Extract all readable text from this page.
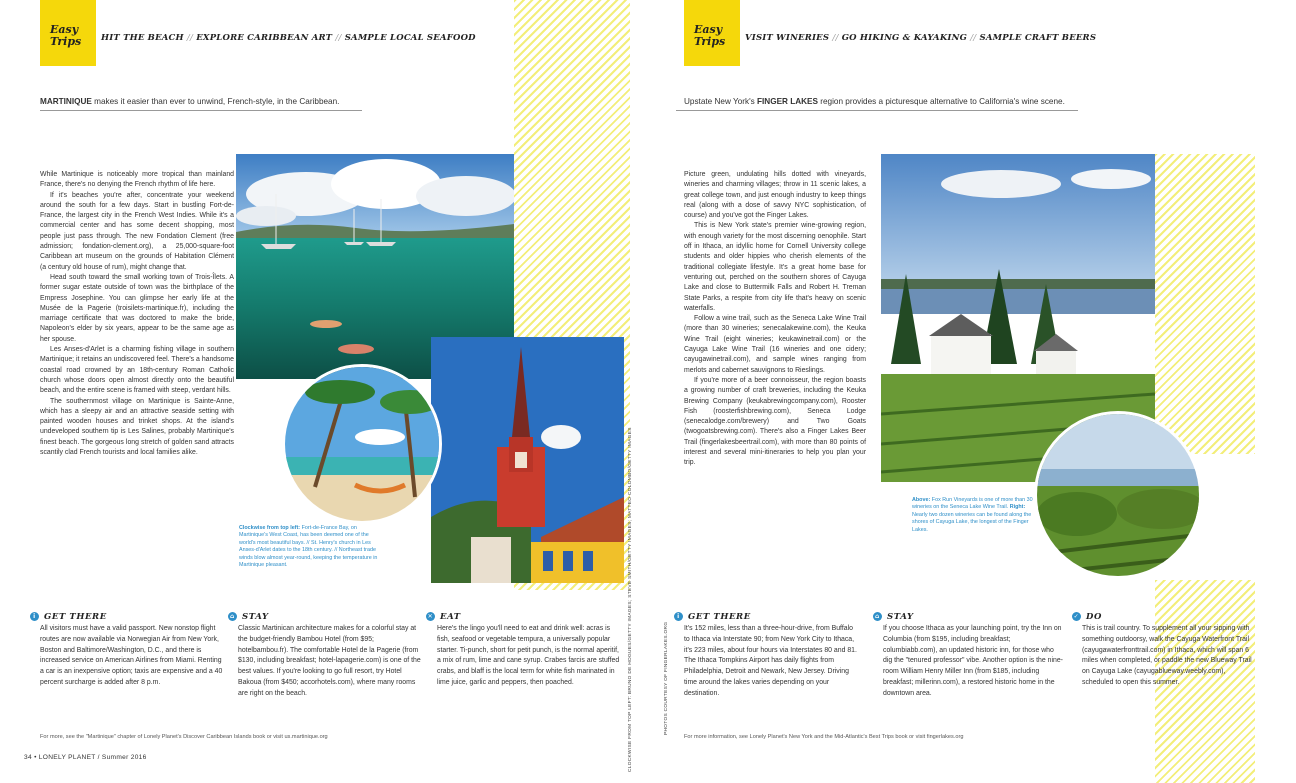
Easy Trips	HIT THE BEACH // EXPLORE CARIBBEAN ART // SAMPLE LOCAL SEAFOOD
MARTINIQUE makes it easier than ever to unwind, French-style, in the Caribbean.

While Martinique is noticeably more tropical than mainland France, there's no denying the French rhythm of life here.

If it's beaches you're after, concentrate your weekend around the south for a few days. Start in bustling Fort-de-France, the largest city in the French West Indies. While it's a commercial center and has some decent shopping, most people just pass through. The new Fondation Clement (free admission; fondation-clement.org), a 25,000-square-foot Caribbean art museum on the grounds of Habitation Clément (a century old house of rum), might change that.

Head south toward the small working town of Trois-Îlets. A former sugar estate outside of town was the birthplace of the Empress Josephine. You can glimpse her early life at the Musée de la Pagerie (troisilets-martinique.fr), including the marriage certificate that was doctored to make the bride, Napoleon's elder by six years, appear to be the same age as her spouse.

Les Anses-d'Arlet is a charming fishing village in southern Martinique; it retains an undiscovered feel. There's a handsome coastal road crowned by an 18th-century Roman Catholic church whose doors open almost directly onto the beautiful beach, and the entire scene is framed with steep, verdant hills.

The southernmost village on Martinique is Sainte-Anne, which has a sleepy air and an attractive seaside setting with painted wooden houses and trinket shops. At the island's undeveloped southern tip is Les Salines, probably Martinique's finest beach. The gorgeous long stretch of golden sand attracts scantily clad French tourists and local families alike.

Clockwise from top left: Fort-de-France Bay, on Martinique's West Coast, has been deemed one of the world's most beautiful bays. // St. Henry's church in Les Anses-d'Arlet dates to the 18th century. // Northeast trade winds blow almost year-round, keeping the temperature in Martinique pleasant.	CLOCKWISE FROM TOP LEFT: BRUNO DE HOGUES/GETTY IMAGES; STEVE SMITH/GETTY IMAGES; MATTEO COLOMBO/GETTY IMAGES
i GET THERE
All visitors must have a valid passport. New nonstop flight routes are now available via Norwegian Air from New York, Boston and Baltimore/Washington, D.C., and there is increased service on American Airlines from Miami. Renting a car is an inexpensive option; taxis are expensive and a 40 percent surcharge is added after 8 p.m.
⌂ STAY
Classic Martinican architecture makes for a colorful stay at the budget-friendly Bambou Hotel (from $95; hotelbambou.fr). The comfortable Hotel de la Pagerie (from $130, including breakfast; hotel-lapagerie.com) is one of the best values. If you're looking to go full resort, try Hotel Bakoua (from $450; accorhotels.com), where many rooms are right on the beach.
✕ EAT
Here's the lingo you'll need to eat and drink well: acras is fish, seafood or vegetable tempura, a universally popular starter. Ti-punch, short for petit punch, is the normal aperitif, a mix of rum, lime and cane syrup. Crabes farcis are stuffed crabs, and blaff is the local term for white fish marinated in lime juice, garlic and peppers, then poached.
For more, see the "Martinique" chapter of Lonely Planet's Discover Caribbean Islands book or visit us.martinique.org
34 • LONELY PLANET / Summer 2016
Easy Trips	VISIT WINERIES // GO HIKING & KAYAKING // SAMPLE CRAFT BEERS
Upstate New York's FINGER LAKES region provides a picturesque alternative to California's wine scene.

Picture green, undulating hills dotted with vineyards, wineries and charming villages; throw in 11 scenic lakes, a great college town, and just enough industry to keep things real (along with a dose of savvy NYC sophistication, of course) and you've got the Finger Lakes.

This is New York state's premier wine-growing region, with enough variety for the most discerning oenophile. Start off in Ithaca, an idyllic home for Cornell University college students and older hippies who cherish elements of the traditional collegiate lifestyle. It's a great home base for venturing out, perched on the southern shores of Cayuga Lake and close to Buttermilk Falls and Robert H. Treman State Parks, a respite from city life that's heavy on scenic waterfalls.

Follow a wine trail, such as the Seneca Lake Wine Trail (more than 30 wineries; senecalakewine.com), the Keuka Wine Trail (eight wineries; keukawinetrail.com) or the Cayuga Lake Wine Trail (16 wineries and one cidery; cayugawinetrail.com), and sample wines ranging from merlots and cabernet sauvignons to Rieslings.

If you're more of a beer connoisseur, the region boasts a growing number of craft breweries, including the Keuka Brewing Company (keukabrewingcompany.com), Rooster Fish (roosterfishbrewing.com), Seneca Lodge (senecalodge.com/brewery) and Two Goats (twogoatsbrewing.com). There's also a Finger Lakes Beer Trail (fingerlakesbeertrail.com), with more than 80 points of interest and several mini-itineraries to help you plan your trip.

Above: Fox Run Vineyards is one of more than 30 wineries on the Seneca Lake Wine Trail. Right: Nearly two dozen wineries can be found along the shores of Cayuga Lake, the longest of the Finger Lakes.
PHOTOS COURTESY OF FINGERLAKES.ORG
i GET THERE
It's 152 miles, less than a three-hour-drive, from Buffalo to Ithaca via Interstate 90; from New York City to Ithaca, it's 223 miles, about four hours via Interstates 80 and 81. The Ithaca Tompkins Airport has daily flights from Philadelphia, Detroit and Newark, New Jersey. Driving time around the lakes varies depending on your destination.
⌂ STAY
If you choose Ithaca as your launching point, try the Inn on Columbia (from $195, including breakfast; columbiabb.com), an updated historic inn, for those who dig the "tenured professor" vibe. Another option is the nine-room William Henry Miller Inn (from $185, including breakfast; millerinn.com), a restored historic home in the downtown area.
✓ DO
This is trail country. To supplement all your sipping with something outdoorsy, walk the Cayuga Waterfront Trail (cayugawaterfronttrail.com) in Ithaca, which will span 6 miles when completed, or paddle the new Blueway Trail on Cayuga Lake (cayugablueway.weebly.com), scheduled to open this summer.
For more information, see Lonely Planet's New York and the Mid-Atlantic's Best Trips book or visit fingerlakes.org
